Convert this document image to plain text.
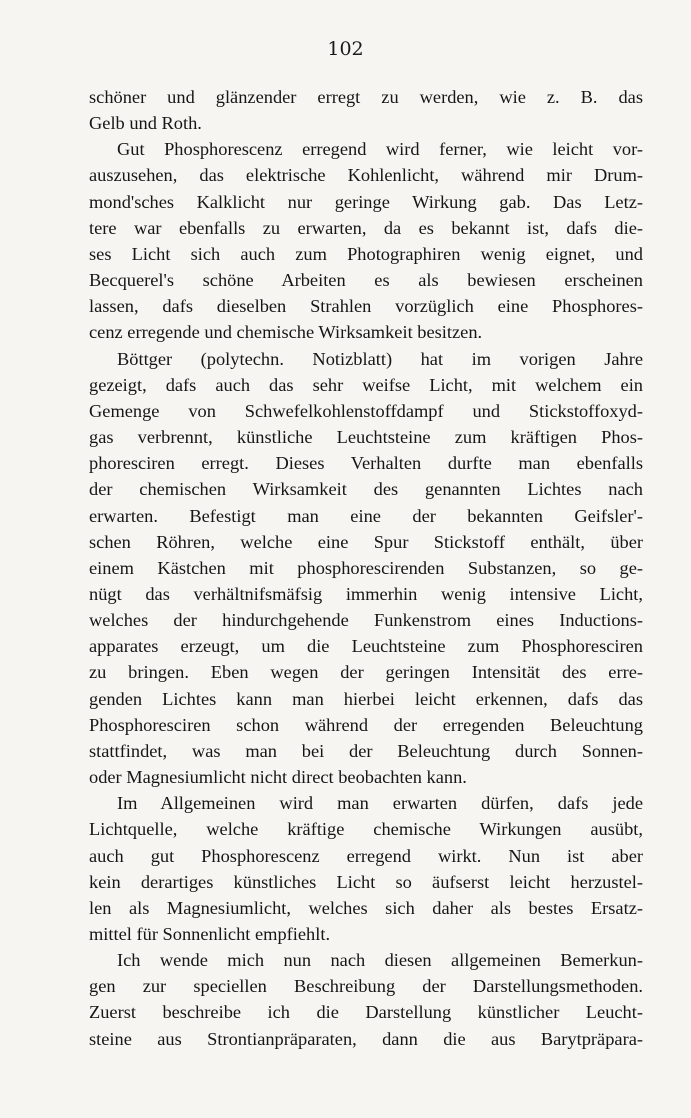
102

schöner und glänzender erregt zu werden, wie z. B. das
Gelb und Roth.
Gut Phosphorescenz erregend wird ferner, wie leicht vor-
auszusehen, das elektrische Kohlenlicht, während mir Drum-
mond'sches Kalklicht nur geringe Wirkung gab. Das Letz-
tere war ebenfalls zu erwarten, da es bekannt ist, dafs die-
ses Licht sich auch zum Photographiren wenig eignet, und
Becquerel's schöne Arbeiten es als bewiesen erscheinen
lassen, dafs dieselben Strahlen vorzüglich eine Phosphores-
cenz erregende und chemische Wirksamkeit besitzen.
Böttger (polytechn. Notizblatt) hat im vorigen Jahre
gezeigt, dafs auch das sehr weifse Licht, mit welchem ein
Gemenge von Schwefelkohlenstoffdampf und Stickstoffoxyd-
gas verbrennt, künstliche Leuchtsteine zum kräftigen Phos-
phoresciren erregt. Dieses Verhalten durfte man ebenfalls
der chemischen Wirksamkeit des genannten Lichtes nach
erwarten. Befestigt man eine der bekannten Geifsler'-
schen Röhren, welche eine Spur Stickstoff enthält, über
einem Kästchen mit phosphorescirenden Substanzen, so ge-
nügt das verhältnifsmäfsig immerhin wenig intensive Licht,
welches der hindurchgehende Funkenstrom eines Inductions-
apparates erzeugt, um die Leuchtsteine zum Phosphoresciren
zu bringen. Eben wegen der geringen Intensität des erre-
genden Lichtes kann man hierbei leicht erkennen, dafs das
Phosphoresciren schon während der erregenden Beleuchtung
stattfindet, was man bei der Beleuchtung durch Sonnen-
oder Magnesiumlicht nicht direct beobachten kann.
Im Allgemeinen wird man erwarten dürfen, dafs jede
Lichtquelle, welche kräftige chemische Wirkungen ausübt,
auch gut Phosphorescenz erregend wirkt. Nun ist aber
kein derartiges künstliches Licht so äufserst leicht herzustel-
len als Magnesiumlicht, welches sich daher als bestes Ersatz-
mittel für Sonnenlicht empfiehlt.
Ich wende mich nun nach diesen allgemeinen Bemerkun-
gen zur speciellen Beschreibung der Darstellungsmethoden.
Zuerst beschreibe ich die Darstellung künstlicher Leucht-
steine aus Strontianpräparaten, dann die aus Barytpräpara-
